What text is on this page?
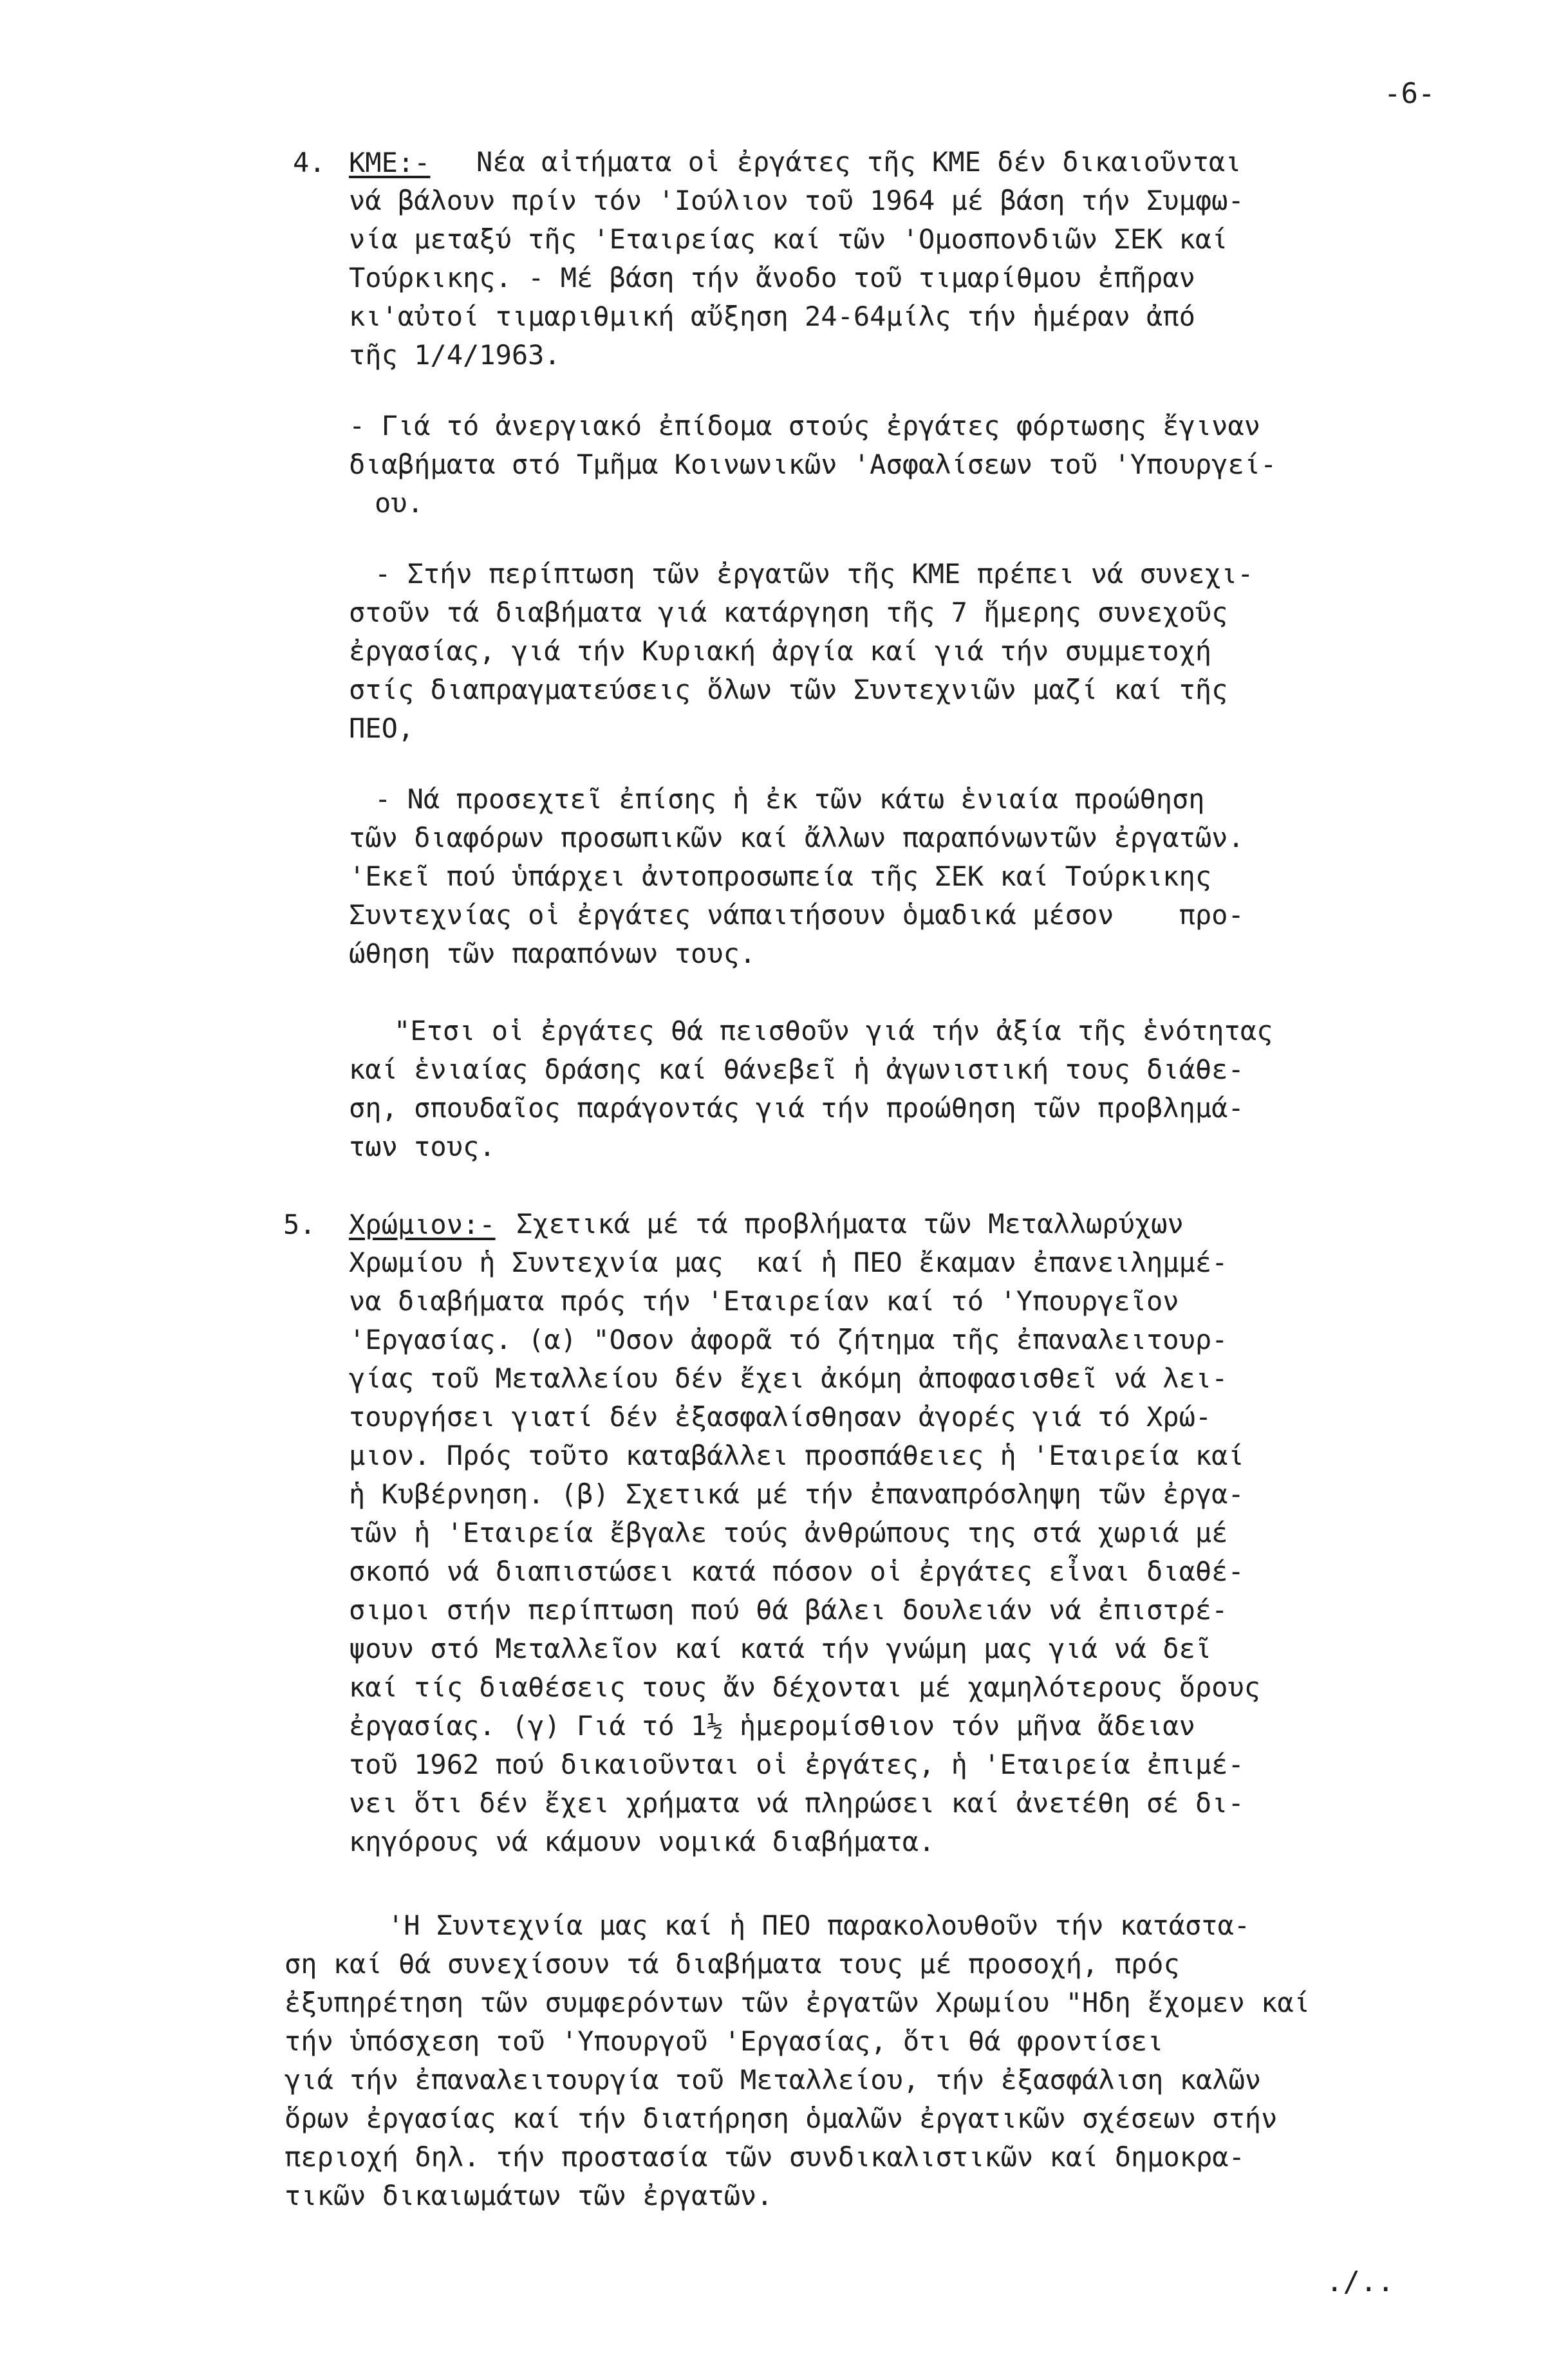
-6-
4. ΚΜΕ:- Νέα αἰτήματα οἱ ἐργάτες τῆς ΚΜΕ δέν δικαιοῦνται
νά βάλουν πρίν τόν 'Ιούλιον τοῦ 1964 μέ βάση τήν Συμφω-
νία μεταξύ τῆς 'Εταιρείας καί τῶν 'Ομοσπονδιῶν ΣΕΚ καί
Τούρκικης. - Μέ βάση τήν ἄνοδο τοῦ τιμαρίθμου ἐπῆραν
κι'αὐτοί τιμαριθμική αὔξηση 24-64μίλς τήν ἡμέραν ἀπό
τῆς 1/4/1963.
- Γιά τό ἀνεργιακό ἐπίδομα στούς ἐργάτες φόρτωσης ἔγιναν
διαβήματα στό Τμῆμα Κοινωνικῶν 'Ασφαλίσεων τοῦ 'Υπουργεί-
ου.
- Στήν περίπτωση τῶν ἐργατῶν τῆς ΚΜΕ πρέπει νά συνεχι-
στοῦν τά διαβήματα γιά κατάργηση τῆς 7 ἥμερης συνεχοῦς
ἐργασίας, γιά τήν Κυριακή ἀργία καί γιά τήν συμμετοχή
στίς διαπραγματεύσεις ὅλων τῶν Συντεχνιῶν μαζί καί τῆς
ΠΕΟ,
- Νά προσεχτεῖ ἐπίσης ἡ ἐκ τῶν κάτω ἑνιαία προώθηση
τῶν διαφόρων προσωπικῶν καί ἄλλων παραπόνωντῶν ἐργατῶν.
'Εκεῖ πού ὑπάρχει ἀντοπροσωπεία τῆς ΣΕΚ καί Τούρκικης
Συντεχνίας οἱ ἐργάτες νάπαιτήσουν ὁμαδικά μέσον    προ-
ώθηση τῶν παραπόνων τους.
"Ετσι οἱ ἐργάτες θά πεισθοῦν γιά τήν ἀξία τῆς ἑνότητας
καί ἑνιαίας δράσης καί θάνεβεῖ ἡ ἀγωνιστική τους διάθε-
ση, σπουδαῖος παράγοντάς γιά τήν προώθηση τῶν προβλημά-
των τους.
5. Χρώμιον:- Σχετικά μέ τά προβλήματα τῶν Μεταλλωρύχων
Χρωμίου ἡ Συντεχνία μας  καί ἡ ΠΕΟ ἔκαμαν ἐπανειλημμέ-
να διαβήματα πρός τήν 'Εταιρείαν καί τό 'Υπουργεῖον
'Εργασίας. (α) "Οσον ἀφορᾶ τό ζήτημα τῆς ἐπαναλειτουρ-
γίας τοῦ Μεταλλείου δέν ἔχει ἀκόμη ἀποφασισθεῖ νά λει-
τουργήσει γιατί δέν ἐξασφαλίσθησαν ἀγορές γιά τό Χρώ-
μιον. Πρός τοῦτο καταβάλλει προσπάθειες ἡ 'Εταιρεία καί
ἡ Κυβέρνηση. (β) Σχετικά μέ τήν ἐπαναπρόσληψη τῶν ἐργα-
τῶν ἡ 'Εταιρεία ἔβγαλε τούς ἀνθρώπους της στά χωριά μέ
σκοπό νά διαπιστώσει κατά πόσον οἱ ἐργάτες εἶναι διαθέ-
σιμοι στήν περίπτωση πού θά βάλει δουλειάν νά ἐπιστρέ-
ψουν στό Μεταλλεῖον καί κατά τήν γνώμη μας γιά νά δεῖ
καί τίς διαθέσεις τους ἄν δέχονται μέ χαμηλότερους ὅρους
ἐργασίας. (γ) Γιά τό 1½ ἡμερομίσθιον τόν μῆνα ἄδειαν
τοῦ 1962 πού δικαιοῦνται οἱ ἐργάτες, ἡ 'Εταιρεία ἐπιμέ-
νει ὅτι δέν ἔχει χρήματα νά πληρώσει καί ἀνετέθη σέ δι-
κηγόρους νά κάμουν νομικά διαβήματα.
'Η Συντεχνία μας καί ἡ ΠΕΟ παρακολουθοῦν τήν κατάστα-
ση καί θά συνεχίσουν τά διαβήματα τους μέ προσοχή, πρός
ἐξυπηρέτηση τῶν συμφερόντων τῶν ἐργατῶν Χρωμίου "Ηδη ἔχομεν καί
τήν ὑπόσχεση τοῦ 'Υπουργοῦ 'Εργασίας, ὅτι θά φροντίσει
γιά τήν ἐπαναλειτουργία τοῦ Μεταλλείου, τήν ἐξασφάλιση καλῶν
ὅρων ἐργασίας καί τήν διατήρηση ὁμαλῶν ἐργατικῶν σχέσεων στήν
περιοχή δηλ. τήν προστασία τῶν συνδικαλιστικῶν καί δημοκρα-
τικῶν δικαιωμάτων τῶν ἐργατῶν.
./..
